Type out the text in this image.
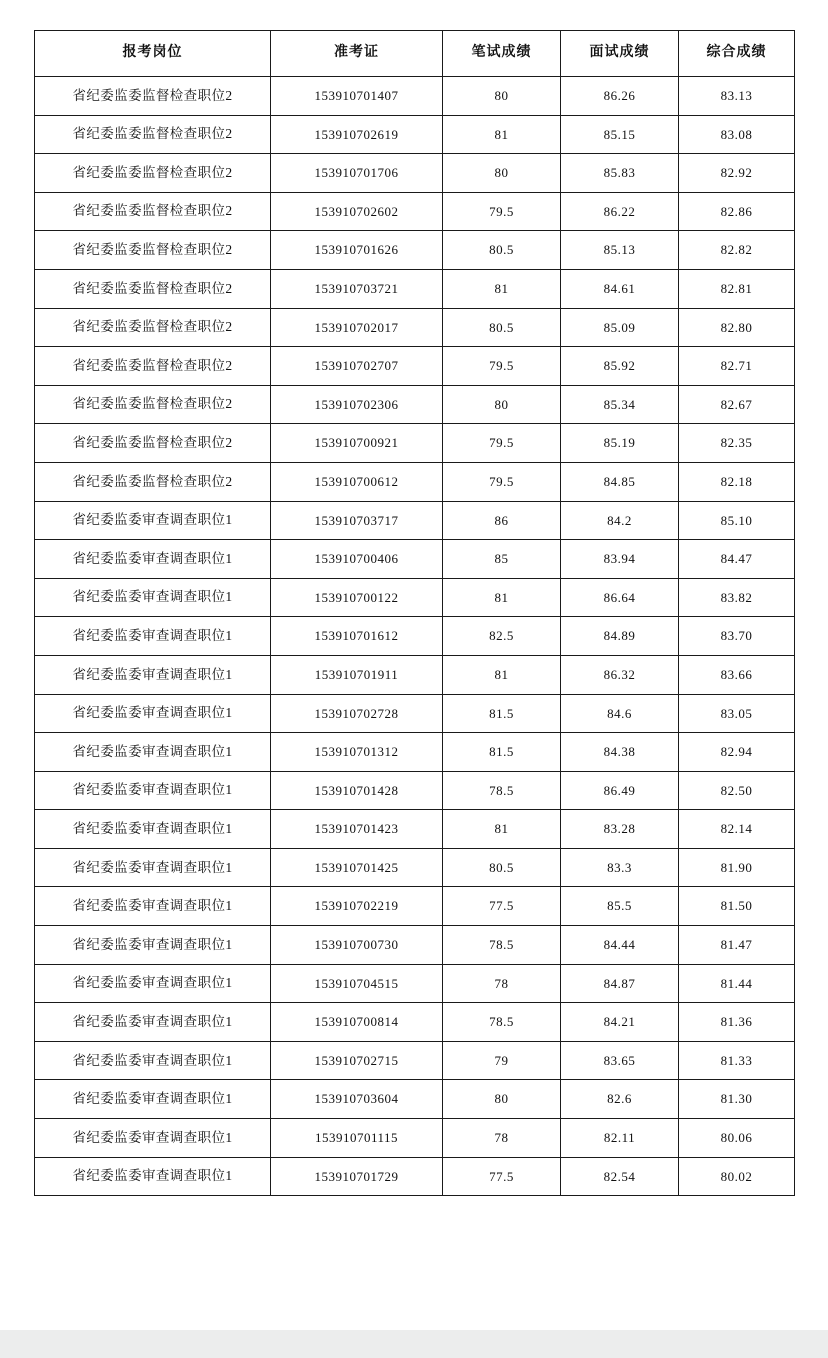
报考岗位	准考证	笔试成绩	面试成绩	综合成绩
省纪委监委监督检查职位2	153910701407	80	86.26	83.13
省纪委监委监督检查职位2	153910702619	81	85.15	83.08
省纪委监委监督检查职位2	153910701706	80	85.83	82.92
省纪委监委监督检查职位2	153910702602	79.5	86.22	82.86
省纪委监委监督检查职位2	153910701626	80.5	85.13	82.82
省纪委监委监督检查职位2	153910703721	81	84.61	82.81
省纪委监委监督检查职位2	153910702017	80.5	85.09	82.80
省纪委监委监督检查职位2	153910702707	79.5	85.92	82.71
省纪委监委监督检查职位2	153910702306	80	85.34	82.67
省纪委监委监督检查职位2	153910700921	79.5	85.19	82.35
省纪委监委监督检查职位2	153910700612	79.5	84.85	82.18
省纪委监委审查调查职位1	153910703717	86	84.2	85.10
省纪委监委审查调查职位1	153910700406	85	83.94	84.47
省纪委监委审查调查职位1	153910700122	81	86.64	83.82
省纪委监委审查调查职位1	153910701612	82.5	84.89	83.70
省纪委监委审查调查职位1	153910701911	81	86.32	83.66
省纪委监委审查调查职位1	153910702728	81.5	84.6	83.05
省纪委监委审查调查职位1	153910701312	81.5	84.38	82.94
省纪委监委审查调查职位1	153910701428	78.5	86.49	82.50
省纪委监委审查调查职位1	153910701423	81	83.28	82.14
省纪委监委审查调查职位1	153910701425	80.5	83.3	81.90
省纪委监委审查调查职位1	153910702219	77.5	85.5	81.50
省纪委监委审查调查职位1	153910700730	78.5	84.44	81.47
省纪委监委审查调查职位1	153910704515	78	84.87	81.44
省纪委监委审查调查职位1	153910700814	78.5	84.21	81.36
省纪委监委审查调查职位1	153910702715	79	83.65	81.33
省纪委监委审查调查职位1	153910703604	80	82.6	81.30
省纪委监委审查调查职位1	153910701115	78	82.11	80.06
省纪委监委审查调查职位1	153910701729	77.5	82.54	80.02
